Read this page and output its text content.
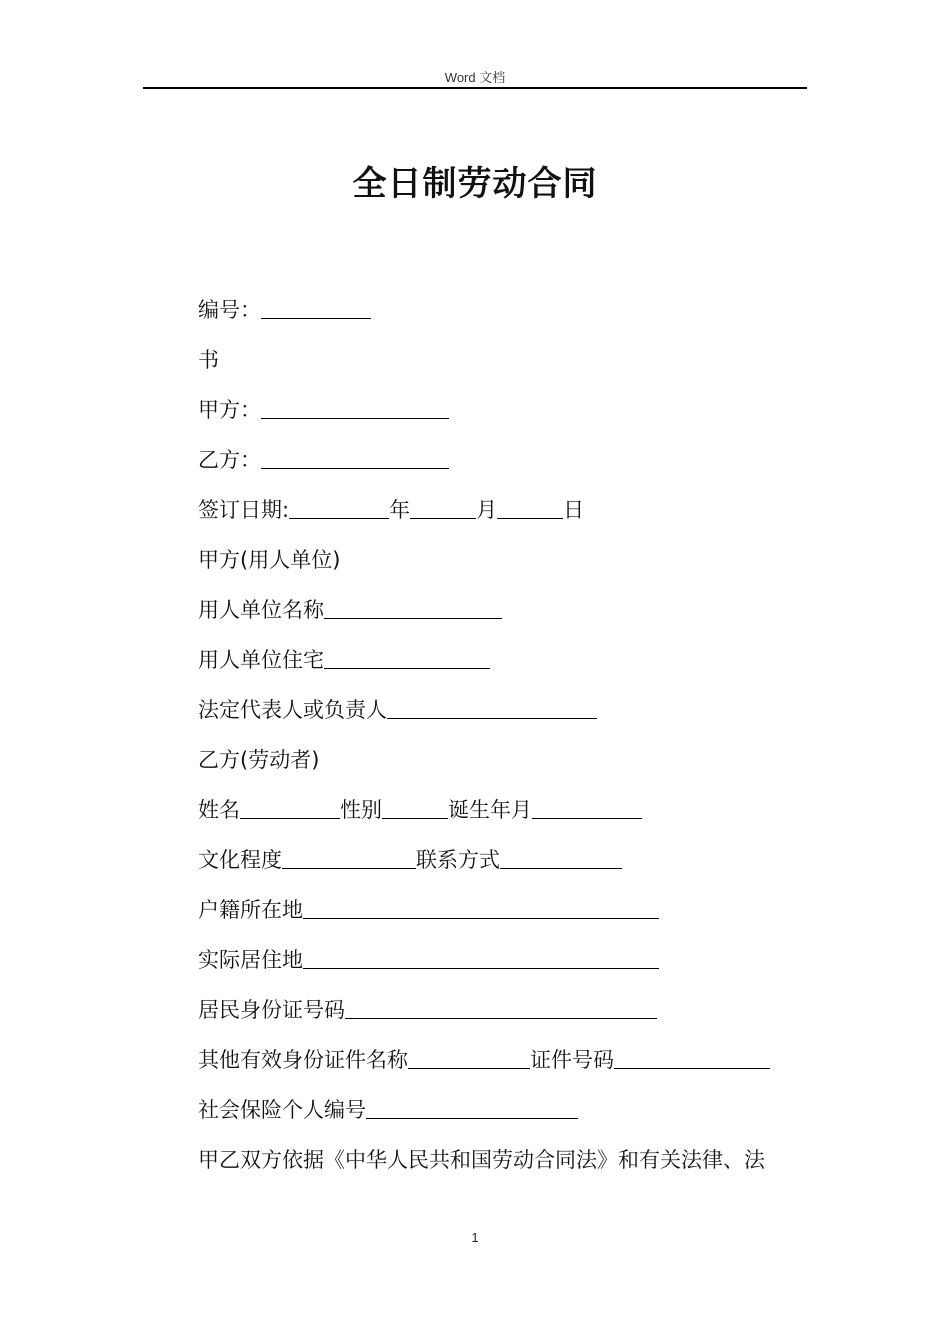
Word 文档
全日制劳动合同
编号：
书
甲方：
乙方：
签订日期:	年	月	日
甲方(用人单位)
用人单位名称
用人单位住宅
法定代表人或负责人
乙方(劳动者)
姓名	性别	诞生年月
文化程度	联系方式
户籍所在地
实际居住地
居民身份证号码
其他有效身份证件名称	证件号码
社会保险个人编号
甲乙双方依据《中华人民共和国劳动合同法》和有关法律、法
1
